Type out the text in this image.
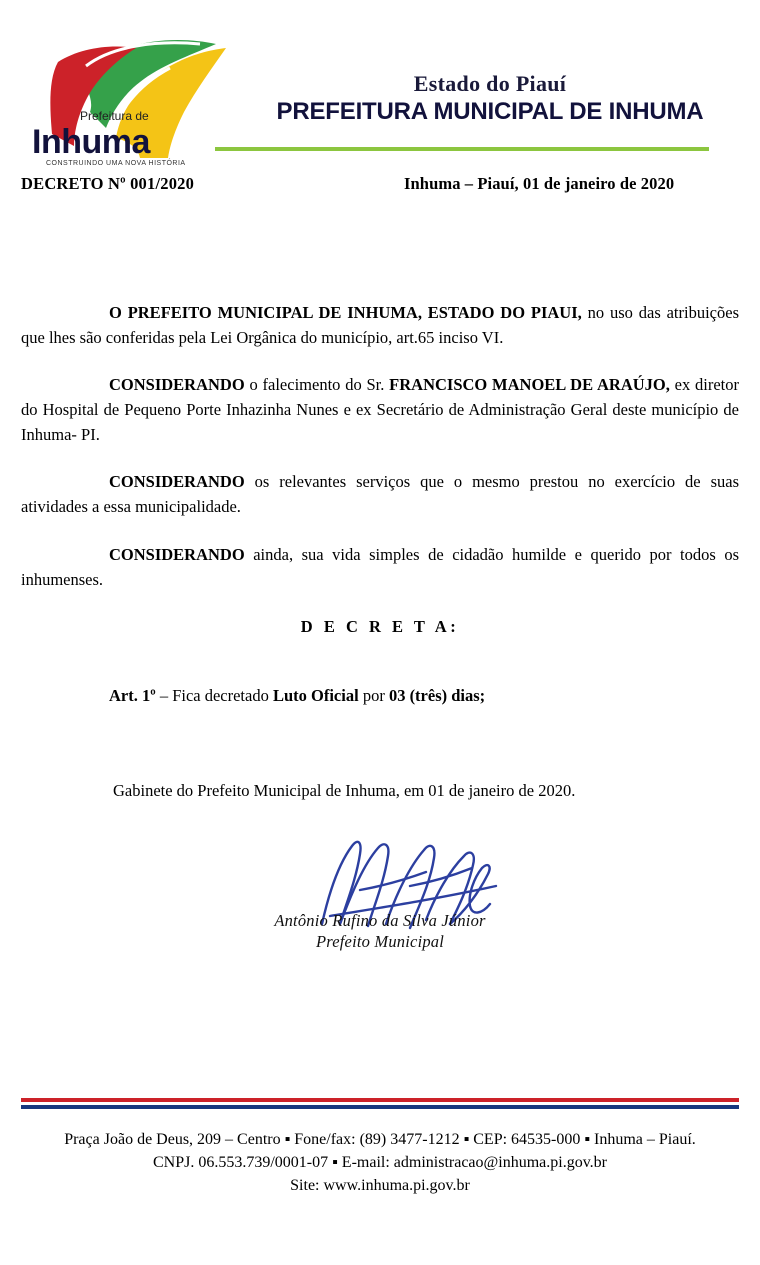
Prefeitura de
Inhuma
CONSTRUINDO UMA NOVA HISTÓRIA
Estado do Piauí
PREFEITURA MUNICIPAL DE INHUMA
DECRETO Nº 001/2020	Inhuma – Piauí, 01 de janeiro de 2020

O PREFEITO MUNICIPAL DE INHUMA, ESTADO DO PIAUI, no uso das atribuições que lhes são conferidas pela Lei Orgânica do município, art.65 inciso VI.

CONSIDERANDO o falecimento do Sr. FRANCISCO MANOEL DE ARAÚJO, ex diretor do Hospital de Pequeno Porte Inhazinha Nunes e ex Secretário de Administração Geral deste município de Inhuma- PI.

CONSIDERANDO os relevantes serviços que o mesmo prestou no exercício de suas atividades a essa municipalidade.

CONSIDERANDO ainda, sua vida simples de cidadão humilde e querido por todos os inhumenses.

D E C R E T A:

Art. 1º – Fica decretado Luto Oficial por 03 (três) dias;

Gabinete do Prefeito Municipal de Inhuma, em 01 de janeiro de 2020.

Antônio Rufino da Silva Júnior
Prefeito Municipal
Praça João de Deus, 209 – Centro ▪ Fone/fax: (89) 3477-1212 ▪ CEP: 64535-000 ▪ Inhuma – Piauí.
CNPJ. 06.553.739/0001-07 ▪ E-mail: administracao@inhuma.pi.gov.br
Site: www.inhuma.pi.gov.br
